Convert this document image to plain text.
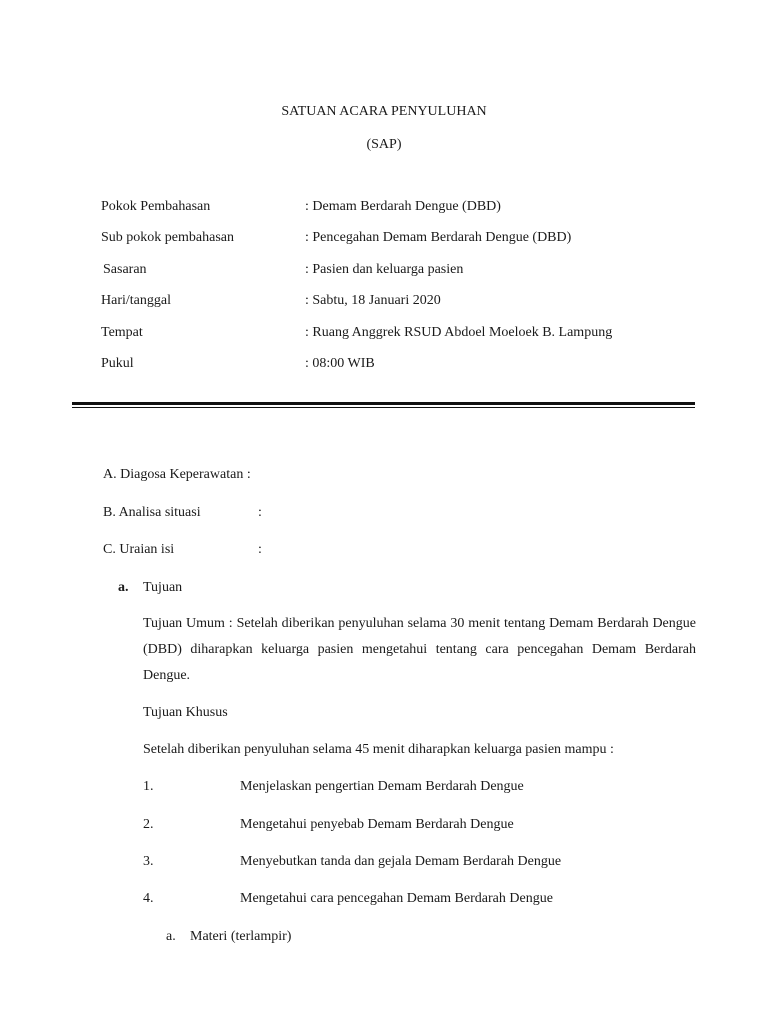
SATUAN ACARA PENYULUHAN
(SAP)
Pokok Pembahasan	: Demam Berdarah Dengue (DBD)
Sub pokok pembahasan	: Pencegahan Demam Berdarah Dengue (DBD)
Sasaran	: Pasien dan keluarga pasien
Hari/tanggal	: Sabtu, 18 Januari 2020
Tempat	: Ruang Anggrek RSUD Abdoel Moeloek B. Lampung
Pukul	: 08:00 WIB
A. Diagosa Keperawatan :
B. Analisa situasi	:
C. Uraian isi	:
a. Tujuan
Tujuan Umum : Setelah diberikan penyuluhan selama 30 menit tentang Demam Berdarah Dengue (DBD) diharapkan keluarga pasien mengetahui tentang cara pencegahan Demam Berdarah Dengue.
Tujuan Khusus
Setelah diberikan penyuluhan selama 45 menit diharapkan keluarga pasien mampu :
1.	Menjelaskan pengertian Demam Berdarah Dengue
2.	Mengetahui penyebab Demam Berdarah Dengue
3.	Menyebutkan tanda dan gejala Demam Berdarah Dengue
4.	Mengetahui cara pencegahan Demam Berdarah Dengue
a. Materi (terlampir)
